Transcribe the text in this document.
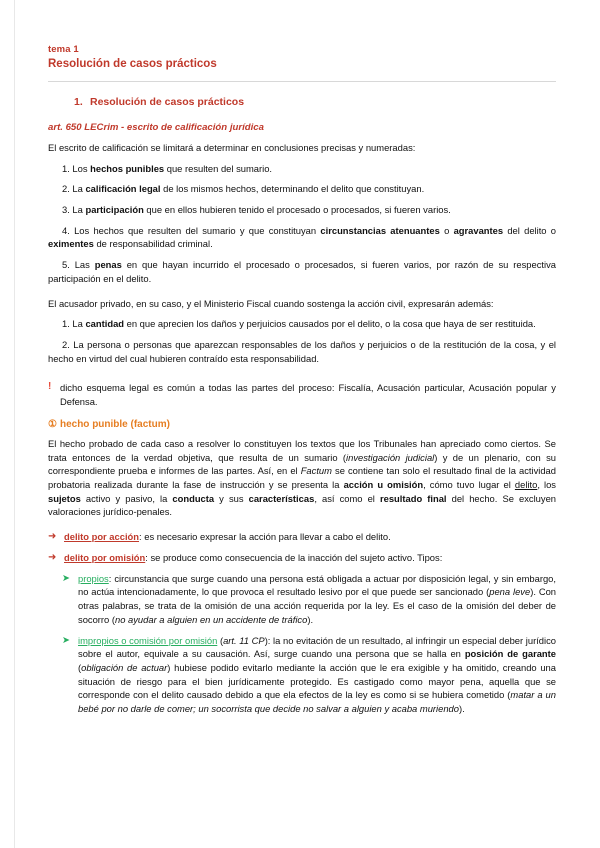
tema 1
Resolución de casos prácticos
1. Resolución de casos prácticos
art. 650 LECrim - escrito de calificación jurídica

El escrito de calificación se limitará a determinar en conclusiones precisas y numeradas:

1. Los hechos punibles que resulten del sumario.

2. La calificación legal de los mismos hechos, determinando el delito que constituyan.

3. La participación que en ellos hubieren tenido el procesado o procesados, si fueren varios.

4. Los hechos que resulten del sumario y que constituyan circunstancias atenuantes o agravantes del delito o eximentes de responsabilidad criminal.

5. Las penas en que hayan incurrido el procesado o procesados, si fueren varios, por razón de su respectiva participación en el delito.

El acusador privado, en su caso, y el Ministerio Fiscal cuando sostenga la acción civil, expresarán además:

1. La cantidad en que aprecien los daños y perjuicios causados por el delito, o la cosa que haya de ser restituida.

2. La persona o personas que aparezcan responsables de los daños y perjuicios o de la restitución de la cosa, y el hecho en virtud del cual hubieren contraído esta responsabilidad.

! dicho esquema legal es común a todas las partes del proceso: Fiscalía, Acusación particular, Acusación popular y Defensa.

① hecho punible (factum)

El hecho probado de cada caso a resolver lo constituyen los textos que los Tribunales han apreciado como ciertos. Se trata entonces de la verdad objetiva, que resulta de un sumario (investigación judicial) y de un plenario, con su correspondiente prueba e informes de las partes. Así, en el Factum se contiene tan solo el resultado final de la actividad probatoria realizada durante la fase de instrucción y se presenta la acción u omisión, cómo tuvo lugar el delito, los sujetos activo y pasivo, la conducta y sus características, así como el resultado final del hecho. Se excluyen valoraciones jurídico-penales.

➜ delito por acción: es necesario expresar la acción para llevar a cabo el delito.

➜ delito por omisión: se produce como consecuencia de la inacción del sujeto activo. Tipos:

➤ propios: circunstancia que surge cuando una persona está obligada a actuar por disposición legal, y sin embargo, no actúa intencionadamente, lo que provoca el resultado lesivo por el que puede ser sancionado (pena leve). Con otras palabras, se trata de la omisión de una acción requerida por la ley. Es el caso de la omisión del deber de socorro (no ayudar a alguien en un accidente de tráfico).

➤ impropios o comisión por omisión (art. 11 CP): la no evitación de un resultado, al infringir un especial deber jurídico sobre el autor, equivale a su causación. Así, surge cuando una persona que se halla en posición de garante (obligación de actuar) hubiese podido evitarlo mediante la acción que le era exigible y ha omitido, creando una situación de riesgo para el bien jurídicamente protegido. Es castigado como mayor pena, aquella que se corresponde con el delito causado debido a que ela efectos de la ley es como si se hubiera cometido (matar a un bebé por no darle de comer; un socorrista que decide no salvar a alguien y acaba muriendo).
